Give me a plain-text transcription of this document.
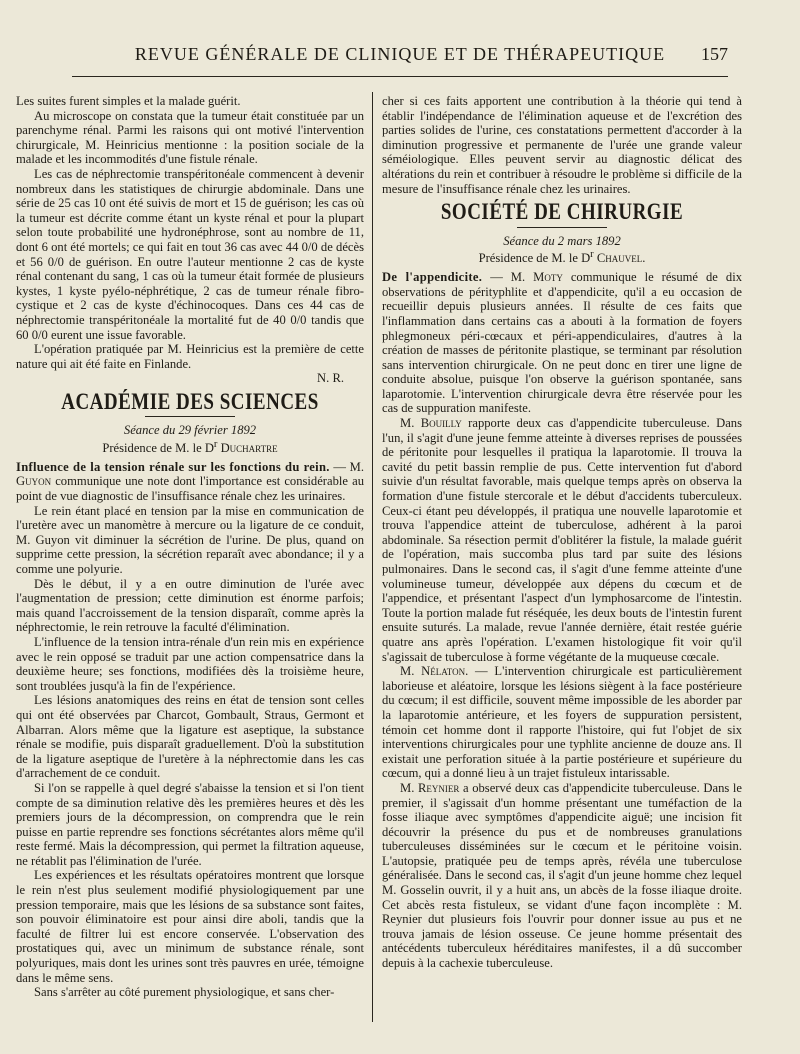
REVUE GÉNÉRALE DE CLINIQUE ET DE THÉRAPEUTIQUE	157

Les suites furent simples et la malade guérit.

Au microscope on constata que la tumeur était constituée par un parenchyme rénal. Parmi les raisons qui ont motivé l'intervention chirurgicale, M. Heinricius mentionne : la position sociale de la malade et les incommodités d'une fistule rénale.

Les cas de néphrectomie transpéritonéale commencent à devenir nombreux dans les statistiques de chirurgie abdominale. Dans une série de 25 cas 10 ont été suivis de mort et 15 de guérison; les cas où la tumeur est décrite comme étant un kyste rénal et pour la plupart selon toute probabilité une hydronéphrose, sont au nombre de 11, dont 6 ont été mortels; ce qui fait en tout 36 cas avec 44 0/0 de décès et 56 0/0 de guérison. En outre l'auteur mentionne 2 cas de kyste rénal contenant du sang, 1 cas où la tumeur était formée de plusieurs kystes, 1 kyste pyélo-néphrétique, 2 cas de tumeur rénale fibro-cystique et 2 cas de kyste d'échinocoques. Dans ces 44 cas de néphrectomie transpéritonéale la mortalité fut de 40 0/0 tandis que 60 0/0 eurent une issue favorable.

L'opération pratiquée par M. Heinricius est la première de cette nature qui ait été faite en Finlande.

N. R.
ACADÉMIE DES SCIENCES
Séance du 29 février 1892
Présidence de M. le $D^r$ Duchartre

Influence de la tension rénale sur les fonctions du rein. — M. Guyon communique une note dont l'importance est considérable au point de vue diagnostic de l'insuffisance rénale chez les urinaires.

Le rein étant placé en tension par la mise en communication de l'uretère avec un manomètre à mercure ou la ligature de ce conduit, M. Guyon vit diminuer la sécrétion de l'urine. De plus, quand on supprime cette pression, la sécrétion reparaît avec abondance; il y a comme une polyurie.

Dès le début, il y a en outre diminution de l'urée avec l'augmentation de pression; cette diminution est énorme parfois; mais quand l'accroissement de la tension disparaît, comme après la néphrectomie, le rein retrouve la faculté d'élimination.

L'influence de la tension intra-rénale d'un rein mis en expérience avec le rein opposé se traduit par une action compensatrice dans la deuxième heure; ses fonctions, modifiées dès la troisième heure, sont troublées jusqu'à la fin de l'expérience.

Les lésions anatomiques des reins en état de tension sont celles qui ont été observées par Charcot, Gombault, Straus, Germont et Albarran. Alors même que la ligature est aseptique, la substance rénale se modifie, puis disparaît graduellement. D'où la substitution de la ligature aseptique de l'uretère à la néphrectomie dans les cas d'arrachement de ce conduit.

Si l'on se rappelle à quel degré s'abaisse la tension et si l'on tient compte de sa diminution relative dès les premières heures et dès les premiers jours de la décompression, on comprendra que le rein puisse en partie reprendre ses fonctions sécrétantes alors même qu'il reste fermé. Mais la décompression, qui permet la filtration aqueuse, ne rétablit pas l'élimination de l'urée.

Les expériences et les résultats opératoires montrent que lorsque le rein n'est plus seulement modifié physiologiquement par une pression temporaire, mais que les lésions de sa substance sont faites, son pouvoir éliminatoire est pour ainsi dire aboli, tandis que la faculté de filtrer lui est encore conservée. L'observation des prostatiques qui, avec un minimum de substance rénale, sont polyuriques, mais dont les urines sont très pauvres en urée, témoigne dans le même sens.

Sans s'arrêter au côté purement physiologique, et sans cher-

cher si ces faits apportent une contribution à la théorie qui tend à établir l'indépendance de l'élimination aqueuse et de l'excrétion des parties solides de l'urine, ces constatations permettent d'accorder à la diminution progressive et permanente de l'urée une grande valeur séméiologique. Elles peuvent servir au diagnostic délicat des altérations du rein et contribuer à résoudre le problème si difficile de la mesure de l'insuffisance rénale chez les urinaires.

SOCIÉTÉ DE CHIRURGIE
Séance du 2 mars 1892
Présidence de M. le $D^r$ Chauvel.

De l'appendicite. — M. Moty communique le résumé de dix observations de pérityphlite et d'appendicite, qu'il a eu occasion de recueillir depuis plusieurs années. Il résulte de ces faits que l'inflammation dans certains cas a abouti à la formation de foyers phlegmoneux péri-cœcaux et péri-appendiculaires, d'autres à la création de masses de péritonite plastique, se terminant par résolution sans intervention chirurgicale. On ne peut donc en tirer une ligne de conduite absolue, puisque l'on observe la guérison spontanée, sans laparotomie. L'intervention chirurgicale devra être réservée pour les cas de suppuration manifeste.

M. Bouilly rapporte deux cas d'appendicite tuberculeuse. Dans l'un, il s'agit d'une jeune femme atteinte à diverses reprises de poussées de péritonite pour lesquelles il pratiqua la laparotomie. Il trouva la cavité du petit bassin remplie de pus. Cette intervention fut d'abord suivie d'un résultat favorable, mais quelque temps après on observa la formation d'une fistule stercorale et le début d'accidents tuberculeux. Ceux-ci étant peu développés, il pratiqua une nouvelle laparotomie et trouva l'appendice atteint de tuberculose, adhérent à la paroi abdominale. Sa résection permit d'oblitérer la fistule, la malade guérit de l'opération, mais succomba plus tard par suite des lésions pulmonaires. Dans le second cas, il s'agit d'une femme atteinte d'une volumineuse tumeur, développée aux dépens du cœcum et de l'appendice, et présentant l'aspect d'un lymphosarcome de l'intestin. Toute la portion malade fut réséquée, les deux bouts de l'intestin furent ensuite suturés. La malade, revue l'année dernière, était restée guérie quatre ans après l'opération. L'examen histologique fit voir qu'il s'agissait de tuberculose à forme végétante de la muqueuse cœcale.

M. Nélaton. — L'intervention chirurgicale est particulièrement laborieuse et aléatoire, lorsque les lésions siègent à la face postérieure du cœcum; il est difficile, souvent même impossible de les aborder par la laparotomie antérieure, et les foyers de suppuration persistent, témoin cet homme dont il rapporte l'histoire, qui fut l'objet de six interventions chirurgicales pour une typhlite ancienne de douze ans. Il existait une perforation située à la partie postérieure et supérieure du cœcum, qui a donné lieu à un trajet fistuleux intarissable.

M. Reynier a observé deux cas d'appendicite tuberculeuse. Dans le premier, il s'agissait d'un homme présentant une tuméfaction de la fosse iliaque avec symptômes d'appendicite aiguë; une incision fit découvrir la présence du pus et de nombreuses granulations tuberculeuses disséminées sur le cœcum et le péritoine voisin. L'autopsie, pratiquée peu de temps après, révéla une tuberculose généralisée. Dans le second cas, il s'agit d'un jeune homme chez lequel M. Gosselin ouvrit, il y a huit ans, un abcès de la fosse iliaque droite. Cet abcès resta fistuleux, se vidant d'une façon incomplète : M. Reynier dut plusieurs fois l'ouvrir pour donner issue au pus et ne trouva jamais de lésion osseuse. Ce jeune homme présentait des antécédents tuberculeux héréditaires manifestes, il a dû succomber depuis à la cachexie tuberculeuse.
